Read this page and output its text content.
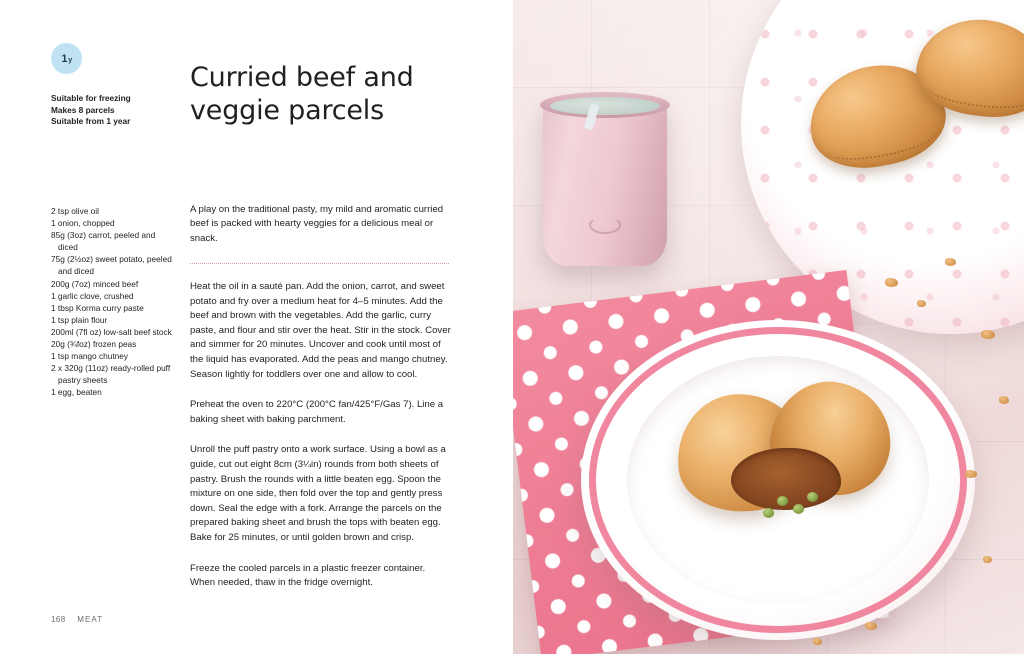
1 y
Suitable for freezing
Makes 8 parcels
Suitable from 1 year
Curried beef and veggie parcels
2 tsp olive oil
1 onion, chopped
85g (3oz) carrot, peeled and
diced
75g (2½oz) sweet potato, peeled
and diced
200g (7oz) minced beef
1 garlic clove, crushed
1 tbsp Korma curry paste
1 tsp plain flour
200ml (7fl oz) low-salt beef stock
20g (¾foz) frozen peas
1 tsp mango chutney
2 x 320g (11oz) ready-rolled puff
pastry sheets
1 egg, beaten
A play on the traditional pasty, my mild and aromatic curried beef is packed with hearty veggies for a delicious meal or snack.

Heat the oil in a sauté pan. Add the onion, carrot, and sweet potato and fry over a medium heat for 4–5 minutes. Add the beef and brown with the vegetables. Add the garlic, curry paste, and flour and stir over the heat. Stir in the stock. Cover and simmer for 20 minutes. Uncover and cook until most of the liquid has evaporated. Add the peas and mango chutney. Season lightly for toddlers over one and allow to cool.

Preheat the oven to 220°C (200°C fan/425°F/Gas 7). Line a baking sheet with baking parchment.

Unroll the puff pastry onto a work surface. Using a bowl as a guide, cut out eight 8cm (3¼in) rounds from both sheets of pastry. Brush the rounds with a little beaten egg. Spoon the mixture on one side, then fold over the top and gently press down. Seal the edge with a fork. Arrange the parcels on the prepared baking sheet and brush the tops with beaten egg. Bake for 25 minutes, or until golden brown and crisp.

Freeze the cooled parcels in a plastic freezer container. When needed, thaw in the fridge overnight.

168 MEAT
